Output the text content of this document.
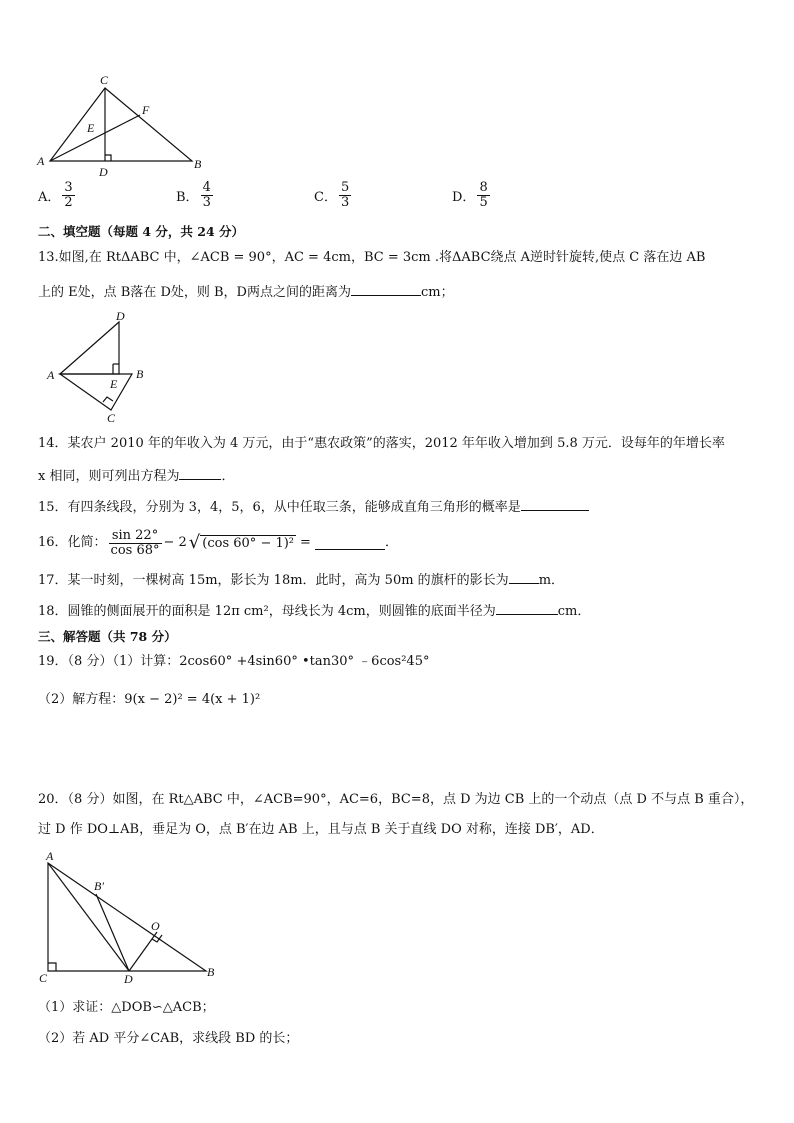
C
F
E
A
D
B
A． $\frac{3}{2}$	B． $\frac{4}{3}$	C． $\frac{5}{3}$	D． $\frac{8}{5}$
二、填空题（每题 4 分，共 24 分）
13.如图,在 RtΔABC 中，∠ACB = 90°，AC = 4cm，BC = 3cm .将ΔABC绕点 A逆时针旋转,使点 C 落在边 AB
上的 E处，点 B落在 D处，则 B，D两点之间的距离为	cm；
D
A
E
B
C
14．某农户 2010 年的年收入为 4 万元，由于“惠农政策”的落实，2012 年年收入增加到 5.8 万元．设每年的年增长率
x 相同，则可列出方程为	．
15．有四条线段，分别为 3，4，5，6，从中任取三条，能够成直角三角形的概率是
16．化简： $\frac{\sin 22^\circ}{\cos 68^\circ} - 2$ √ (cos 60° − 1)² =	．
17．某一时刻，一棵树高 15m，影长为 18m．此时，高为 50m 的旗杆的影长为 m．
18．圆锥的侧面展开的面积是 12π cm²，母线长为 4cm，则圆锥的底面半径为	cm．
三、解答题（共 78 分）
19．（8 分）（1）计算：2cos60° +4sin60° •tan30° ﹣6cos²45°
（2）解方程：9(x − 2)² = 4(x + 1)²
20．（8 分）如图，在 Rt△ABC 中，∠ACB=90°，AC=6，BC=8，点 D 为边 CB 上的一个动点（点 D 不与点 B 重合），
过 D 作 DO⊥AB，垂足为 O，点 B′在边 AB 上，且与点 B 关于直线 DO 对称，连接 DB′，AD．
A
B′
O
C	D	B
（1）求证：△DOB∽△ACB；
（2）若 AD 平分∠CAB，求线段 BD 的长；
